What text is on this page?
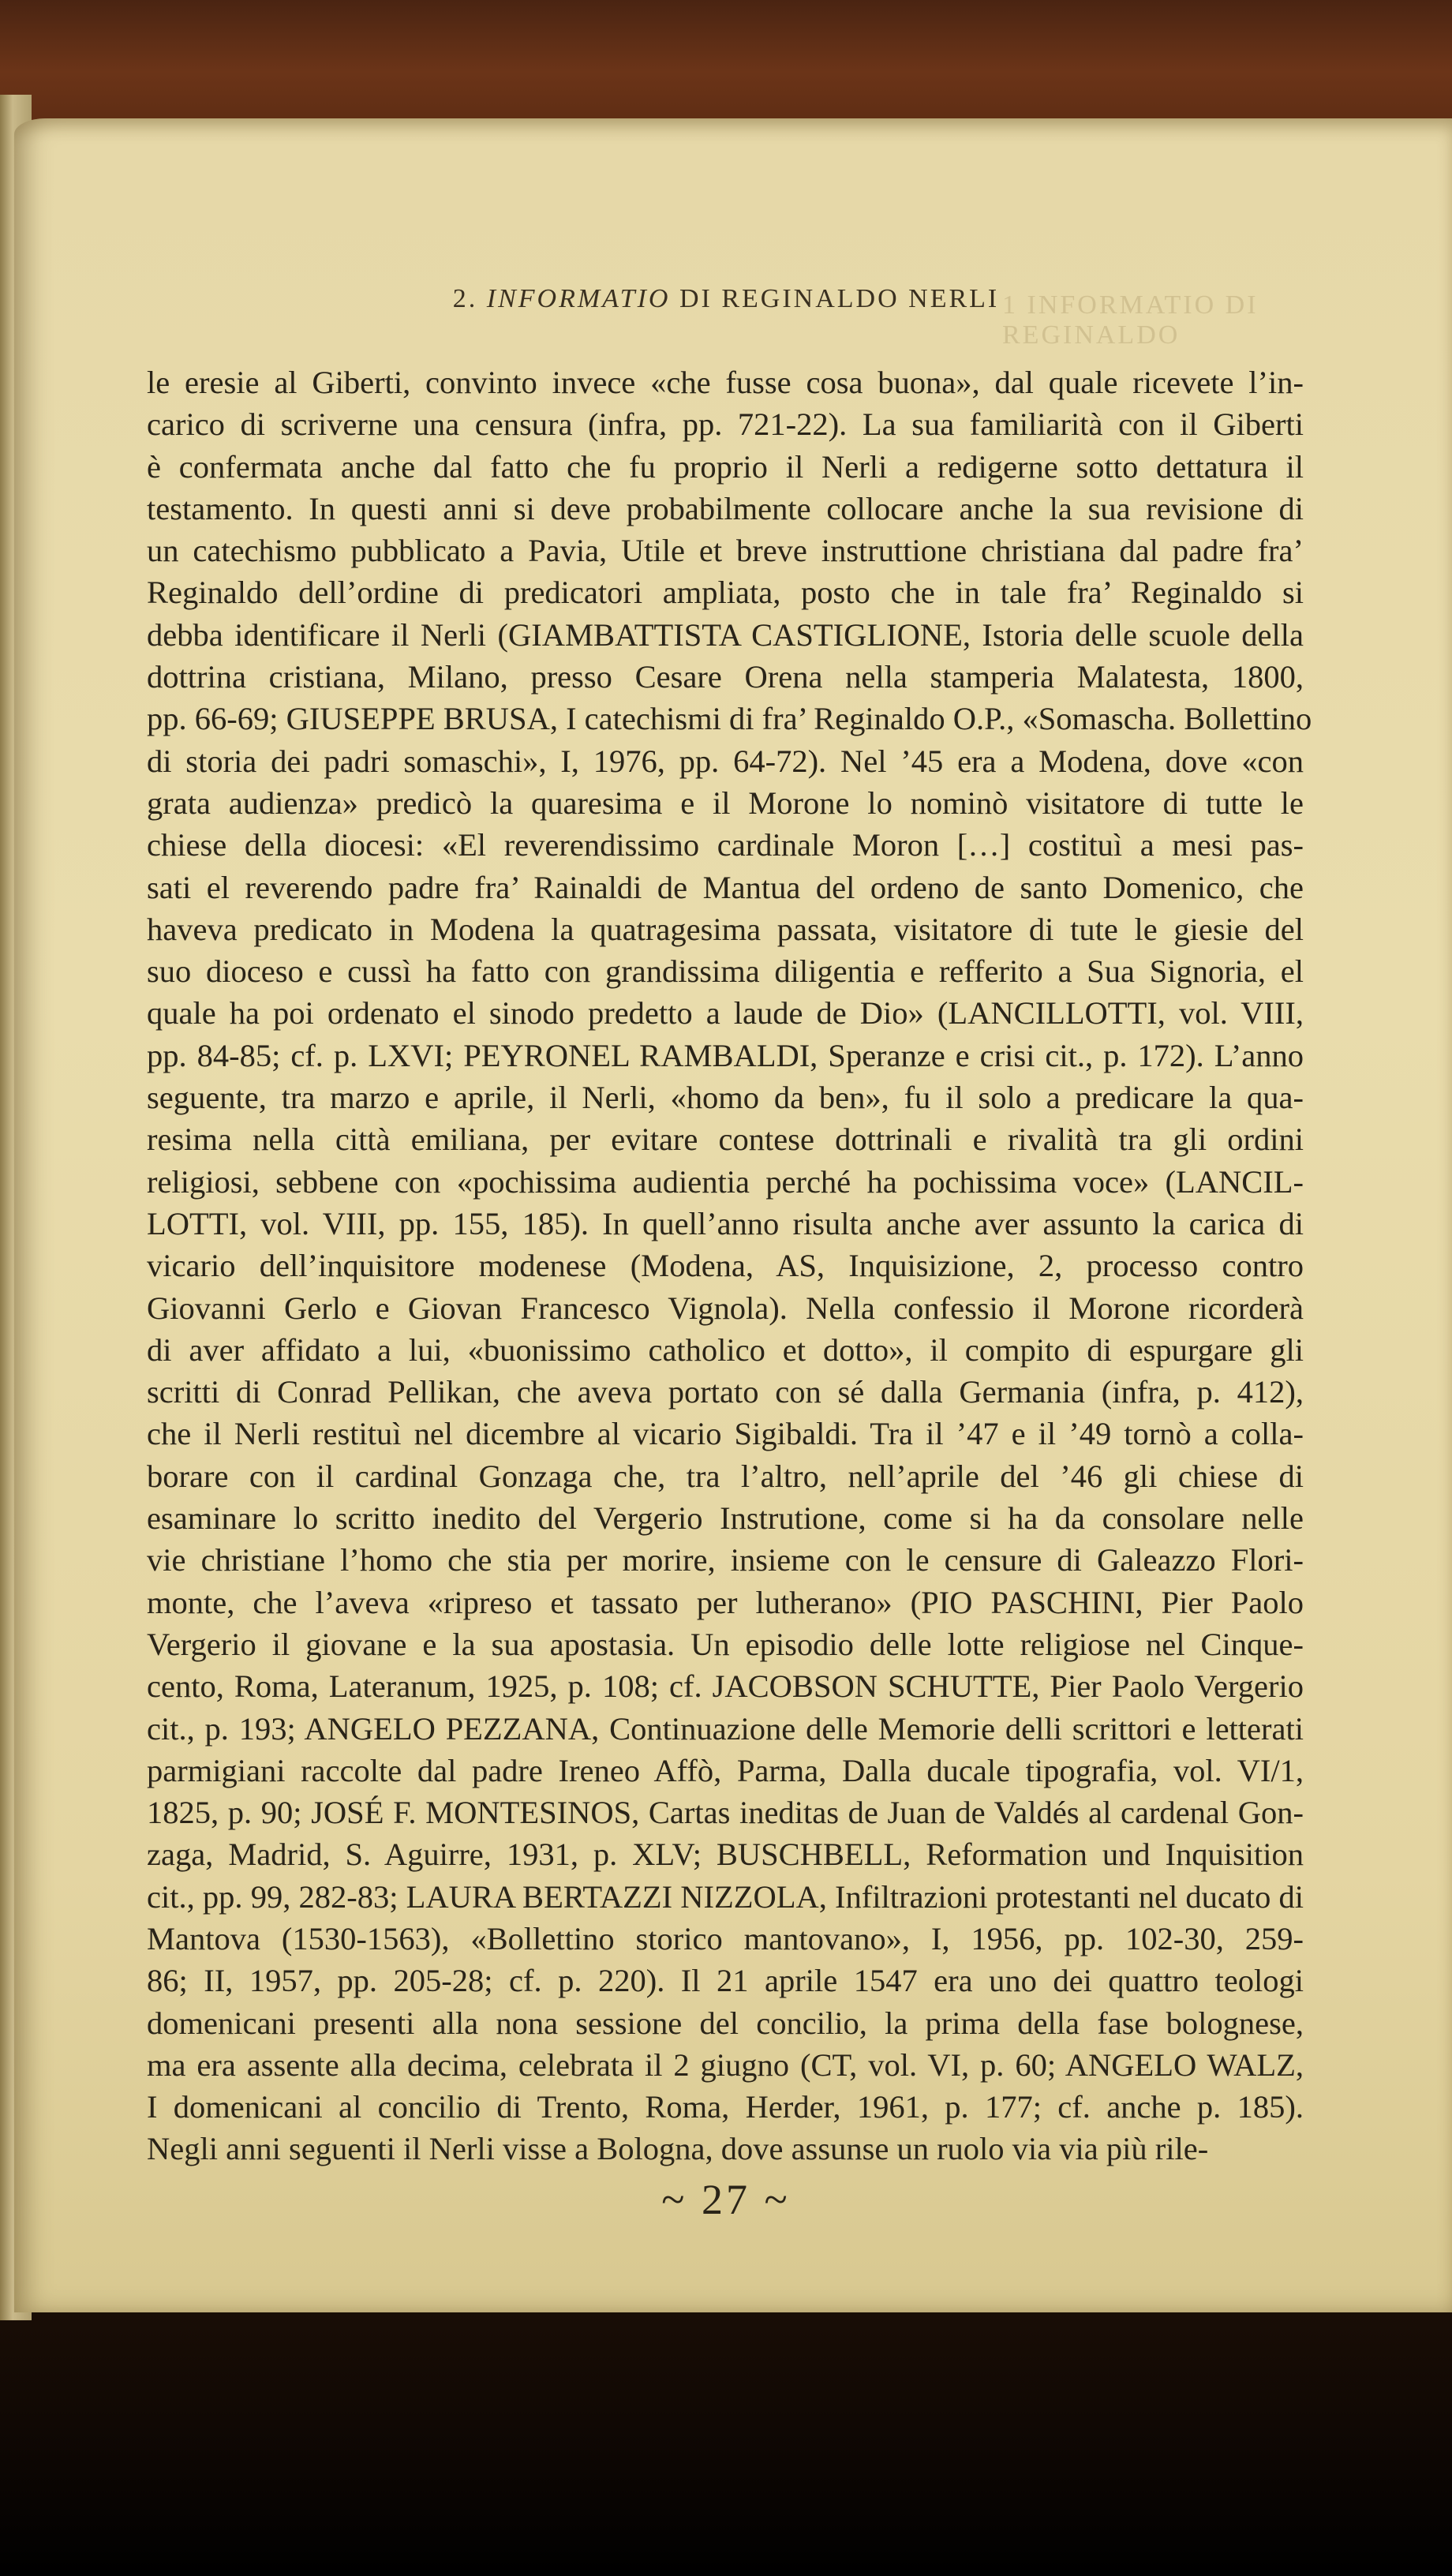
1 INFORMATIO DI REGINALDO
2. INFORMATIO DI REGINALDO NERLI
le eresie al Giberti, convinto invece «che fusse cosa buona», dal quale ricevete l’in-
carico di scriverne una censura (infra, pp. 721-22). La sua familiarità con il Giberti
è confermata anche dal fatto che fu proprio il Nerli a redigerne sotto dettatura il
testamento. In questi anni si deve probabilmente collocare anche la sua revisione di
un catechismo pubblicato a Pavia, Utile et breve instruttione christiana dal padre fra’
Reginaldo dell’ordine di predicatori ampliata, posto che in tale fra’ Reginaldo si
debba identificare il Nerli (GIAMBATTISTA CASTIGLIONE, Istoria delle scuole della
dottrina cristiana, Milano, presso Cesare Orena nella stamperia Malatesta, 1800,
pp. 66-69; GIUSEPPE BRUSA, I catechismi di fra’ Reginaldo O.P., «Somascha. Bollettino
di storia dei padri somaschi», I, 1976, pp. 64-72). Nel ’45 era a Modena, dove «con
grata audienza» predicò la quaresima e il Morone lo nominò visitatore di tutte le
chiese della diocesi: «El reverendissimo cardinale Moron […] costituì a mesi pas-
sati el reverendo padre fra’ Rainaldi de Mantua del ordeno de santo Domenico, che
haveva predicato in Modena la quatragesima passata, visitatore di tute le giesie del
suo dioceso e cussì ha fatto con grandissima diligentia e refferito a Sua Signoria, el
quale ha poi ordenato el sinodo predetto a laude de Dio» (LANCILLOTTI, vol. VIII,
pp. 84-85; cf. p. LXVI; PEYRONEL RAMBALDI, Speranze e crisi cit., p. 172). L’anno
seguente, tra marzo e aprile, il Nerli, «homo da ben», fu il solo a predicare la qua-
resima nella città emiliana, per evitare contese dottrinali e rivalità tra gli ordini
religiosi, sebbene con «pochissima audientia perché ha pochissima voce» (LANCIL-
LOTTI, vol. VIII, pp. 155, 185). In quell’anno risulta anche aver assunto la carica di
vicario dell’inquisitore modenese (Modena, AS, Inquisizione, 2, processo contro
Giovanni Gerlo e Giovan Francesco Vignola). Nella confessio il Morone ricorderà
di aver affidato a lui, «buonissimo catholico et dotto», il compito di espurgare gli
scritti di Conrad Pellikan, che aveva portato con sé dalla Germania (infra, p. 412),
che il Nerli restituì nel dicembre al vicario Sigibaldi. Tra il ’47 e il ’49 tornò a colla-
borare con il cardinal Gonzaga che, tra l’altro, nell’aprile del ’46 gli chiese di
esaminare lo scritto inedito del Vergerio Instrutione, come si ha da consolare nelle
vie christiane l’homo che stia per morire, insieme con le censure di Galeazzo Flori-
monte, che l’aveva «ripreso et tassato per lutherano» (PIO PASCHINI, Pier Paolo
Vergerio il giovane e la sua apostasia. Un episodio delle lotte religiose nel Cinque-
cento, Roma, Lateranum, 1925, p. 108; cf. JACOBSON SCHUTTE, Pier Paolo Vergerio
cit., p. 193; ANGELO PEZZANA, Continuazione delle Memorie delli scrittori e letterati
parmigiani raccolte dal padre Ireneo Affò, Parma, Dalla ducale tipografia, vol. VI/1,
1825, p. 90; JOSÉ F. MONTESINOS, Cartas ineditas de Juan de Valdés al cardenal Gon-
zaga, Madrid, S. Aguirre, 1931, p. XLV; BUSCHBELL, Reformation und Inquisition
cit., pp. 99, 282-83; LAURA BERTAZZI NIZZOLA, Infiltrazioni protestanti nel ducato di
Mantova (1530-1563), «Bollettino storico mantovano», I, 1956, pp. 102-30, 259-
86; II, 1957, pp. 205-28; cf. p. 220). Il 21 aprile 1547 era uno dei quattro teologi
domenicani presenti alla nona sessione del concilio, la prima della fase bolognese,
ma era assente alla decima, celebrata il 2 giugno (CT, vol. VI, p. 60; ANGELO WALZ,
I domenicani al concilio di Trento, Roma, Herder, 1961, p. 177; cf. anche p. 185).
Negli anni seguenti il Nerli visse a Bologna, dove assunse un ruolo via via più rile-
~ 27 ~
